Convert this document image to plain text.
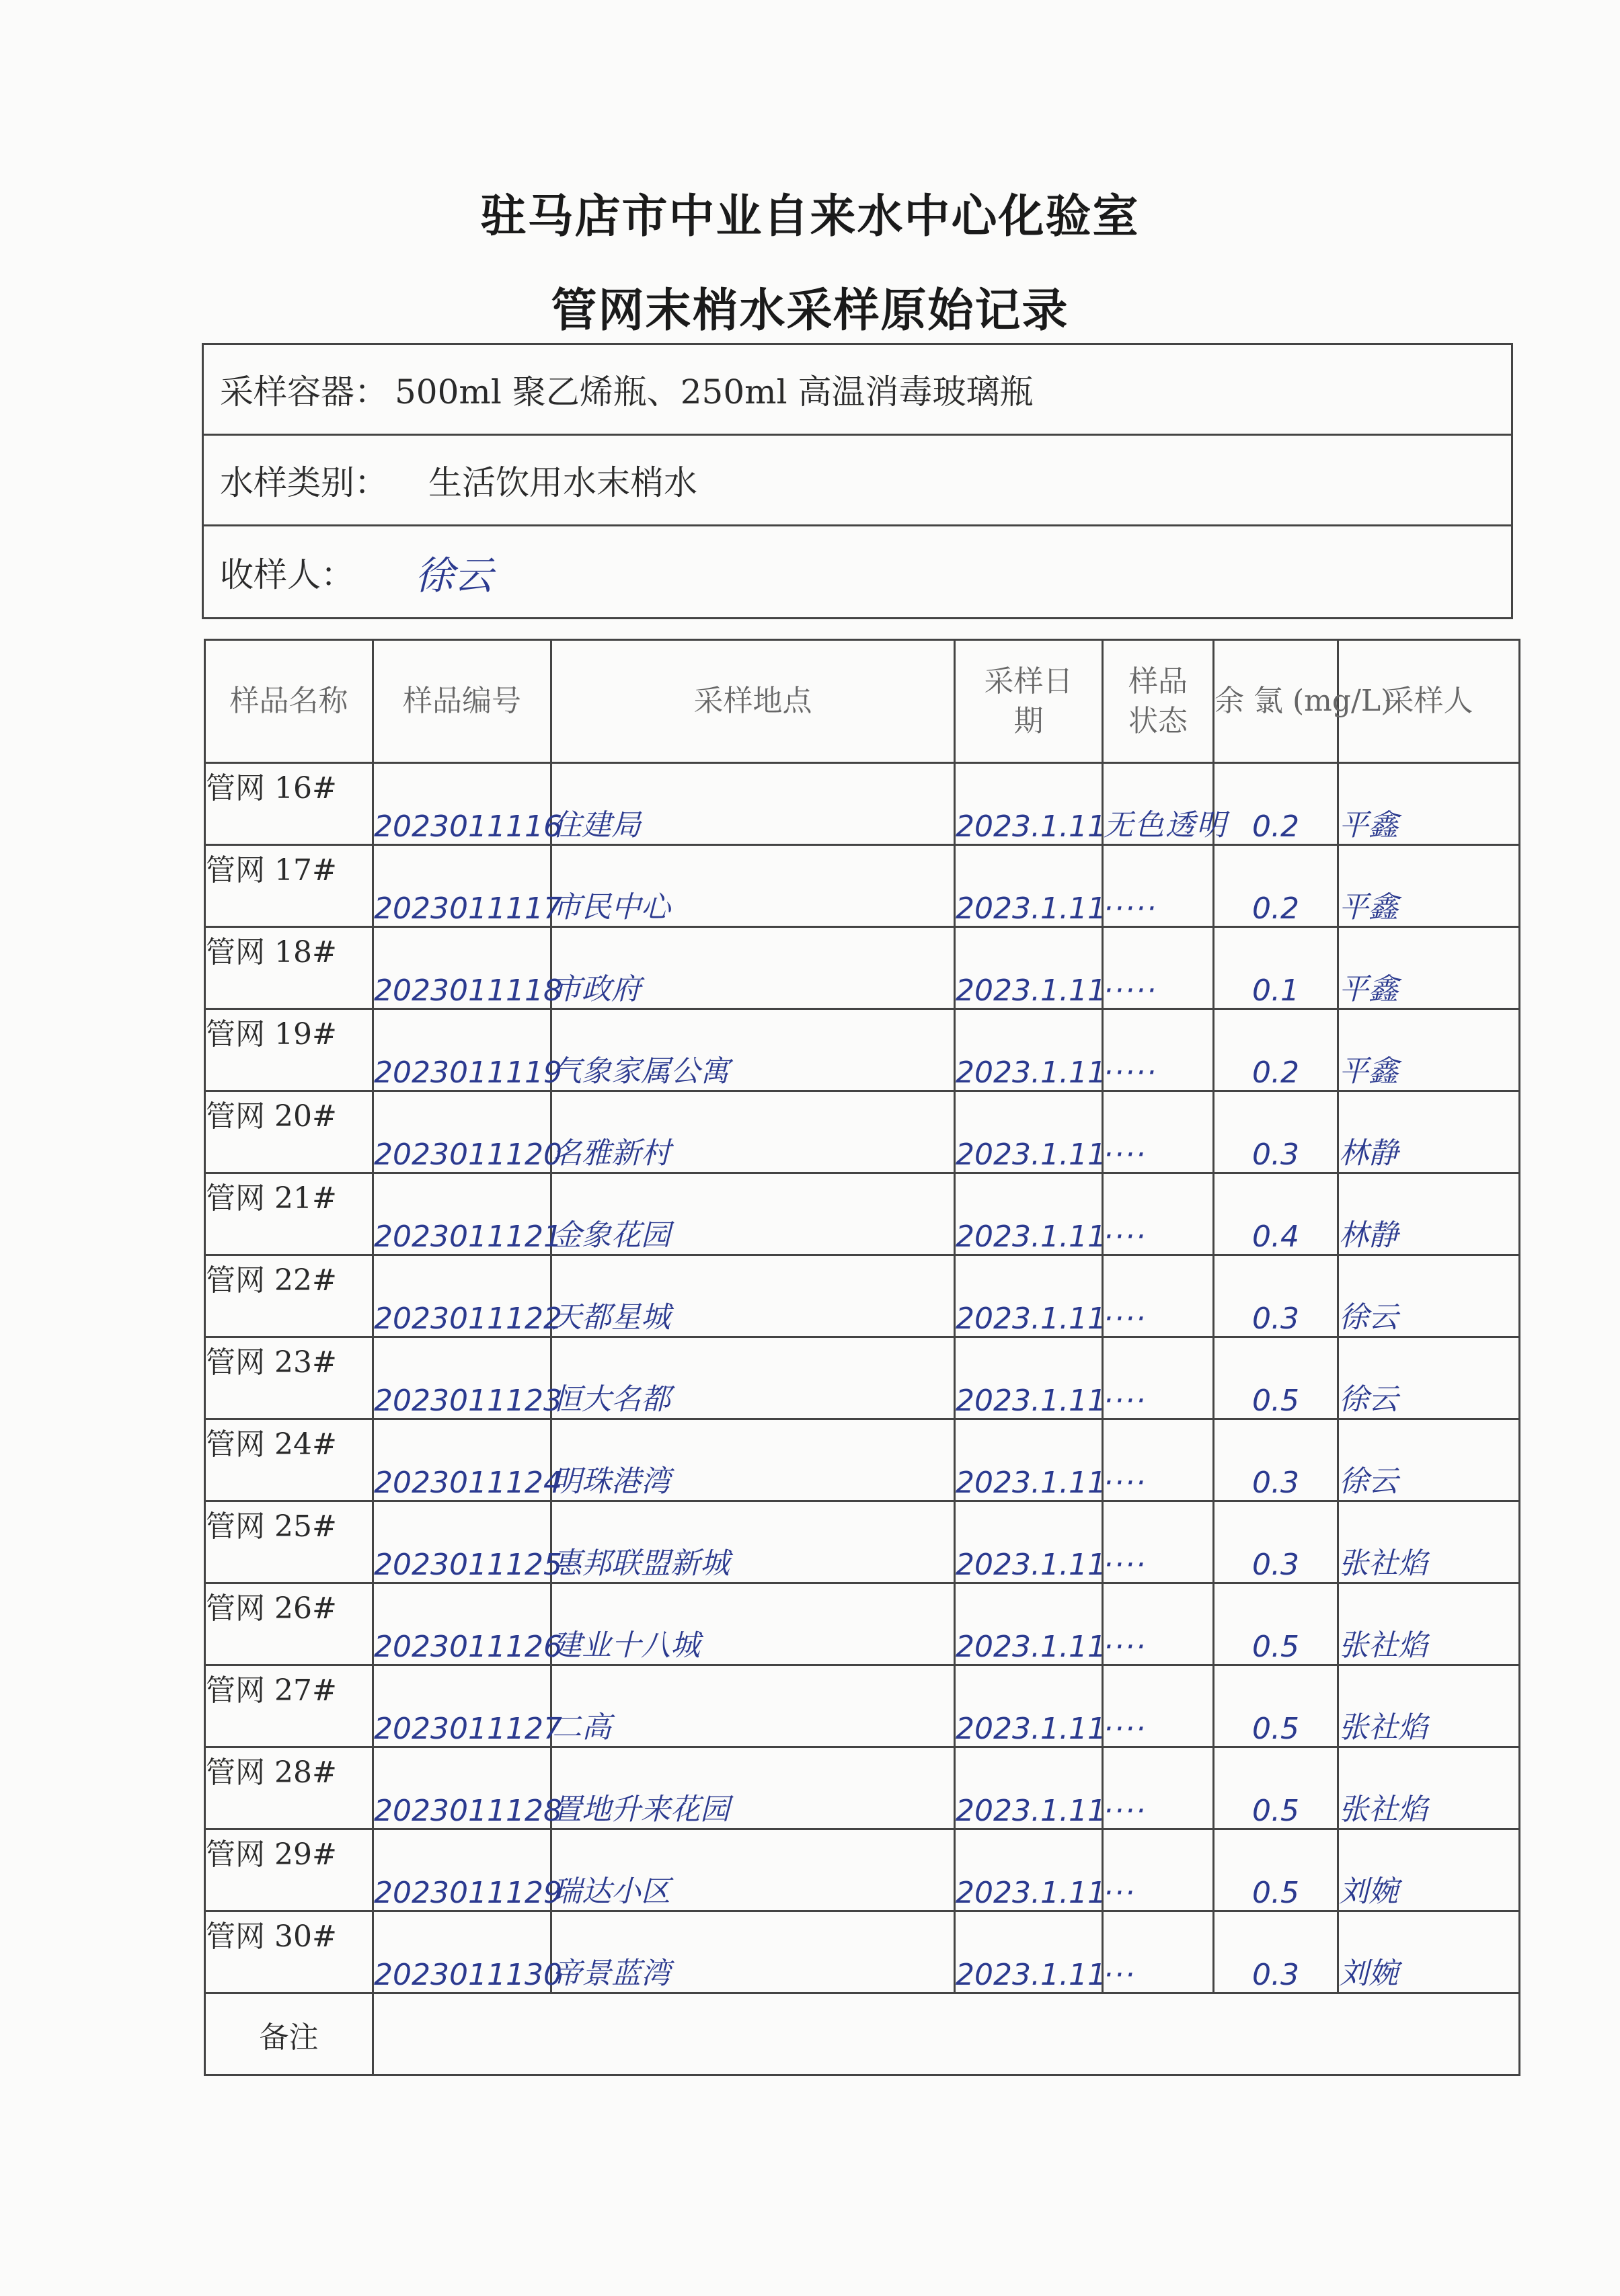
驻马店市中业自来水中心化验室
管网末梢水采样原始记录
采样容器： 500ml 聚乙烯瓶、250ml 高温消毒玻璃瓶
水样类别： 生活饮用水末梢水
收样人： 徐云
样品名称	样品编号	采样地点	采样日期	样品状态	余 氯 (mg/L)	采样人
管网 16#	2023011116	住建局	2023.1.11	无色透明	0.2	平鑫
管网 17#	2023011117	市民中心	2023.1.11	·····	0.2	平鑫
管网 18#	2023011118	市政府	2023.1.11	·····	0.1	平鑫
管网 19#	2023011119	气象家属公寓	2023.1.11	·····	0.2	平鑫
管网 20#	2023011120	名雅新村	2023.1.11	····	0.3	林静
管网 21#	2023011121	金象花园	2023.1.11	····	0.4	林静
管网 22#	2023011122	天都星城	2023.1.11	····	0.3	徐云
管网 23#	2023011123	恒大名都	2023.1.11	····	0.5	徐云
管网 24#	2023011124	明珠港湾	2023.1.11	····	0.3	徐云
管网 25#	2023011125	惠邦联盟新城	2023.1.11	····	0.3	张社焰
管网 26#	2023011126	建业十八城	2023.1.11	····	0.5	张社焰
管网 27#	2023011127	二高	2023.1.11	····	0.5	张社焰
管网 28#	2023011128	置地升来花园	2023.1.11	····	0.5	张社焰
管网 29#	2023011129	瑞达小区	2023.1.11	···	0.5	刘婉
管网 30#	2023011130	帝景蓝湾	2023.1.11	···	0.3	刘婉
备注						
